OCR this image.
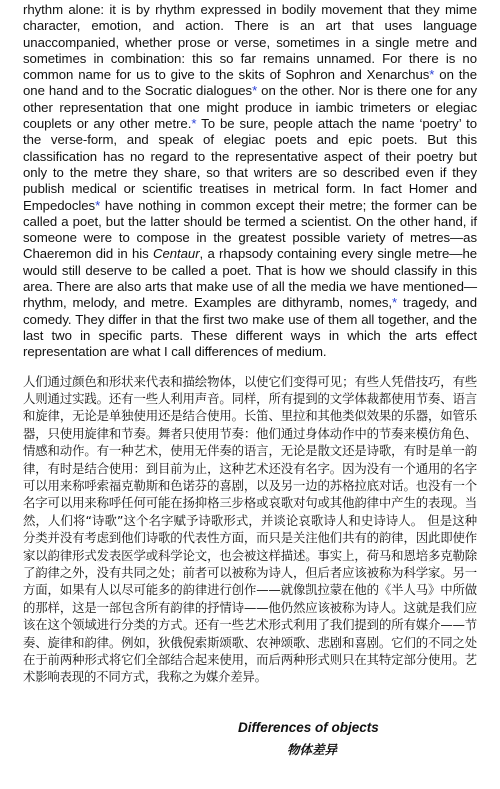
rhythm alone: it is by rhythm expressed in bodily movement that they mime character, emotion, and action. There is an art that uses language unaccompanied, whether prose or verse, sometimes in a single metre and sometimes in combination: this so far remains unnamed. For there is no common name for us to give to the skits of Sophron and Xenarchus* on the one hand and to the Socratic dialogues* on the other. Nor is there one for any other representation that one might produce in iambic trimeters or elegiac couplets or any other metre.* To be sure, people attach the name ‘poetry’ to the verse-form, and speak of elegiac poets and epic poets. But this classification has no regard to the representative aspect of their poetry but only to the metre they share, so that writers are so described even if they publish medical or scientific treatises in metrical form. In fact Homer and Empedocles* have nothing in common except their metre; the former can be called a poet, but the latter should be termed a scientist. On the other hand, if someone were to compose in the greatest possible variety of metres—as Chaeremon did in his Centaur, a rhapsody containing every single metre—he would still deserve to be called a poet. That is how we should classify in this area. There are also arts that make use of all the media we have mentioned—rhythm, melody, and metre. Examples are dithyramb, nomes,* tragedy, and comedy. They differ in that the first two make use of them all together, and the last two in specific parts. These different ways in which the arts effect representation are what I call differences of medium.

人们通过颜色和形状来代表和描绘物体，以使它们变得可见；有些人凭借技巧，有些人则通过实践。还有一些人利用声音。同样，所有提到的文学体裁都使用节奏、语言和旋律，无论是单独使用还是结合使用。长笛、里拉和其他类似效果的乐器，如管乐器，只使用旋律和节奏。舞者只使用节奏：他们通过身体动作中的节奏来模仿角色、情感和动作。有一种艺术，使用无伴奏的语言，无论是散文还是诗歌，有时是单一韵律，有时是结合使用：到目前为止，这种艺术还没有名字。因为没有一个通用的名字可以用来称呼索福克勒斯和色诺芬的喜剧，以及另一边的苏格拉底对话。也没有一个名字可以用来称呼任何可能在扬抑格三步格或哀歌对句或其他韵律中产生的表现。当然，人们将“诗歌”这个名字赋予诗歌形式，并谈论哀歌诗人和史诗诗人。 但是这种分类并没有考虑到他们诗歌的代表性方面，而只是关注他们共有的韵律，因此即使作家以韵律形式发表医学或科学论文，也会被这样描述。事实上，荷马和恩培多克勒除了韵律之外，没有共同之处；前者可以被称为诗人，但后者应该被称为科学家。另一方面，如果有人以尽可能多的韵律进行创作——就像凯拉蒙在他的《半人马》中所做的那样，这是一部包含所有韵律的抒情诗——他仍然应该被称为诗人。这就是我们应该在这个领域进行分类的方式。还有一些艺术形式利用了我们提到的所有媒介——节奏、旋律和韵律。例如，狄俄倪索斯颂歌、农神颂歌、悲剧和喜剧。它们的不同之处在于前两种形式将它们全部结合起来使用，而后两种形式则只在其特定部分使用。艺术影响表现的不同方式，我称之为媒介差异。

Differences of objects
物体差异
